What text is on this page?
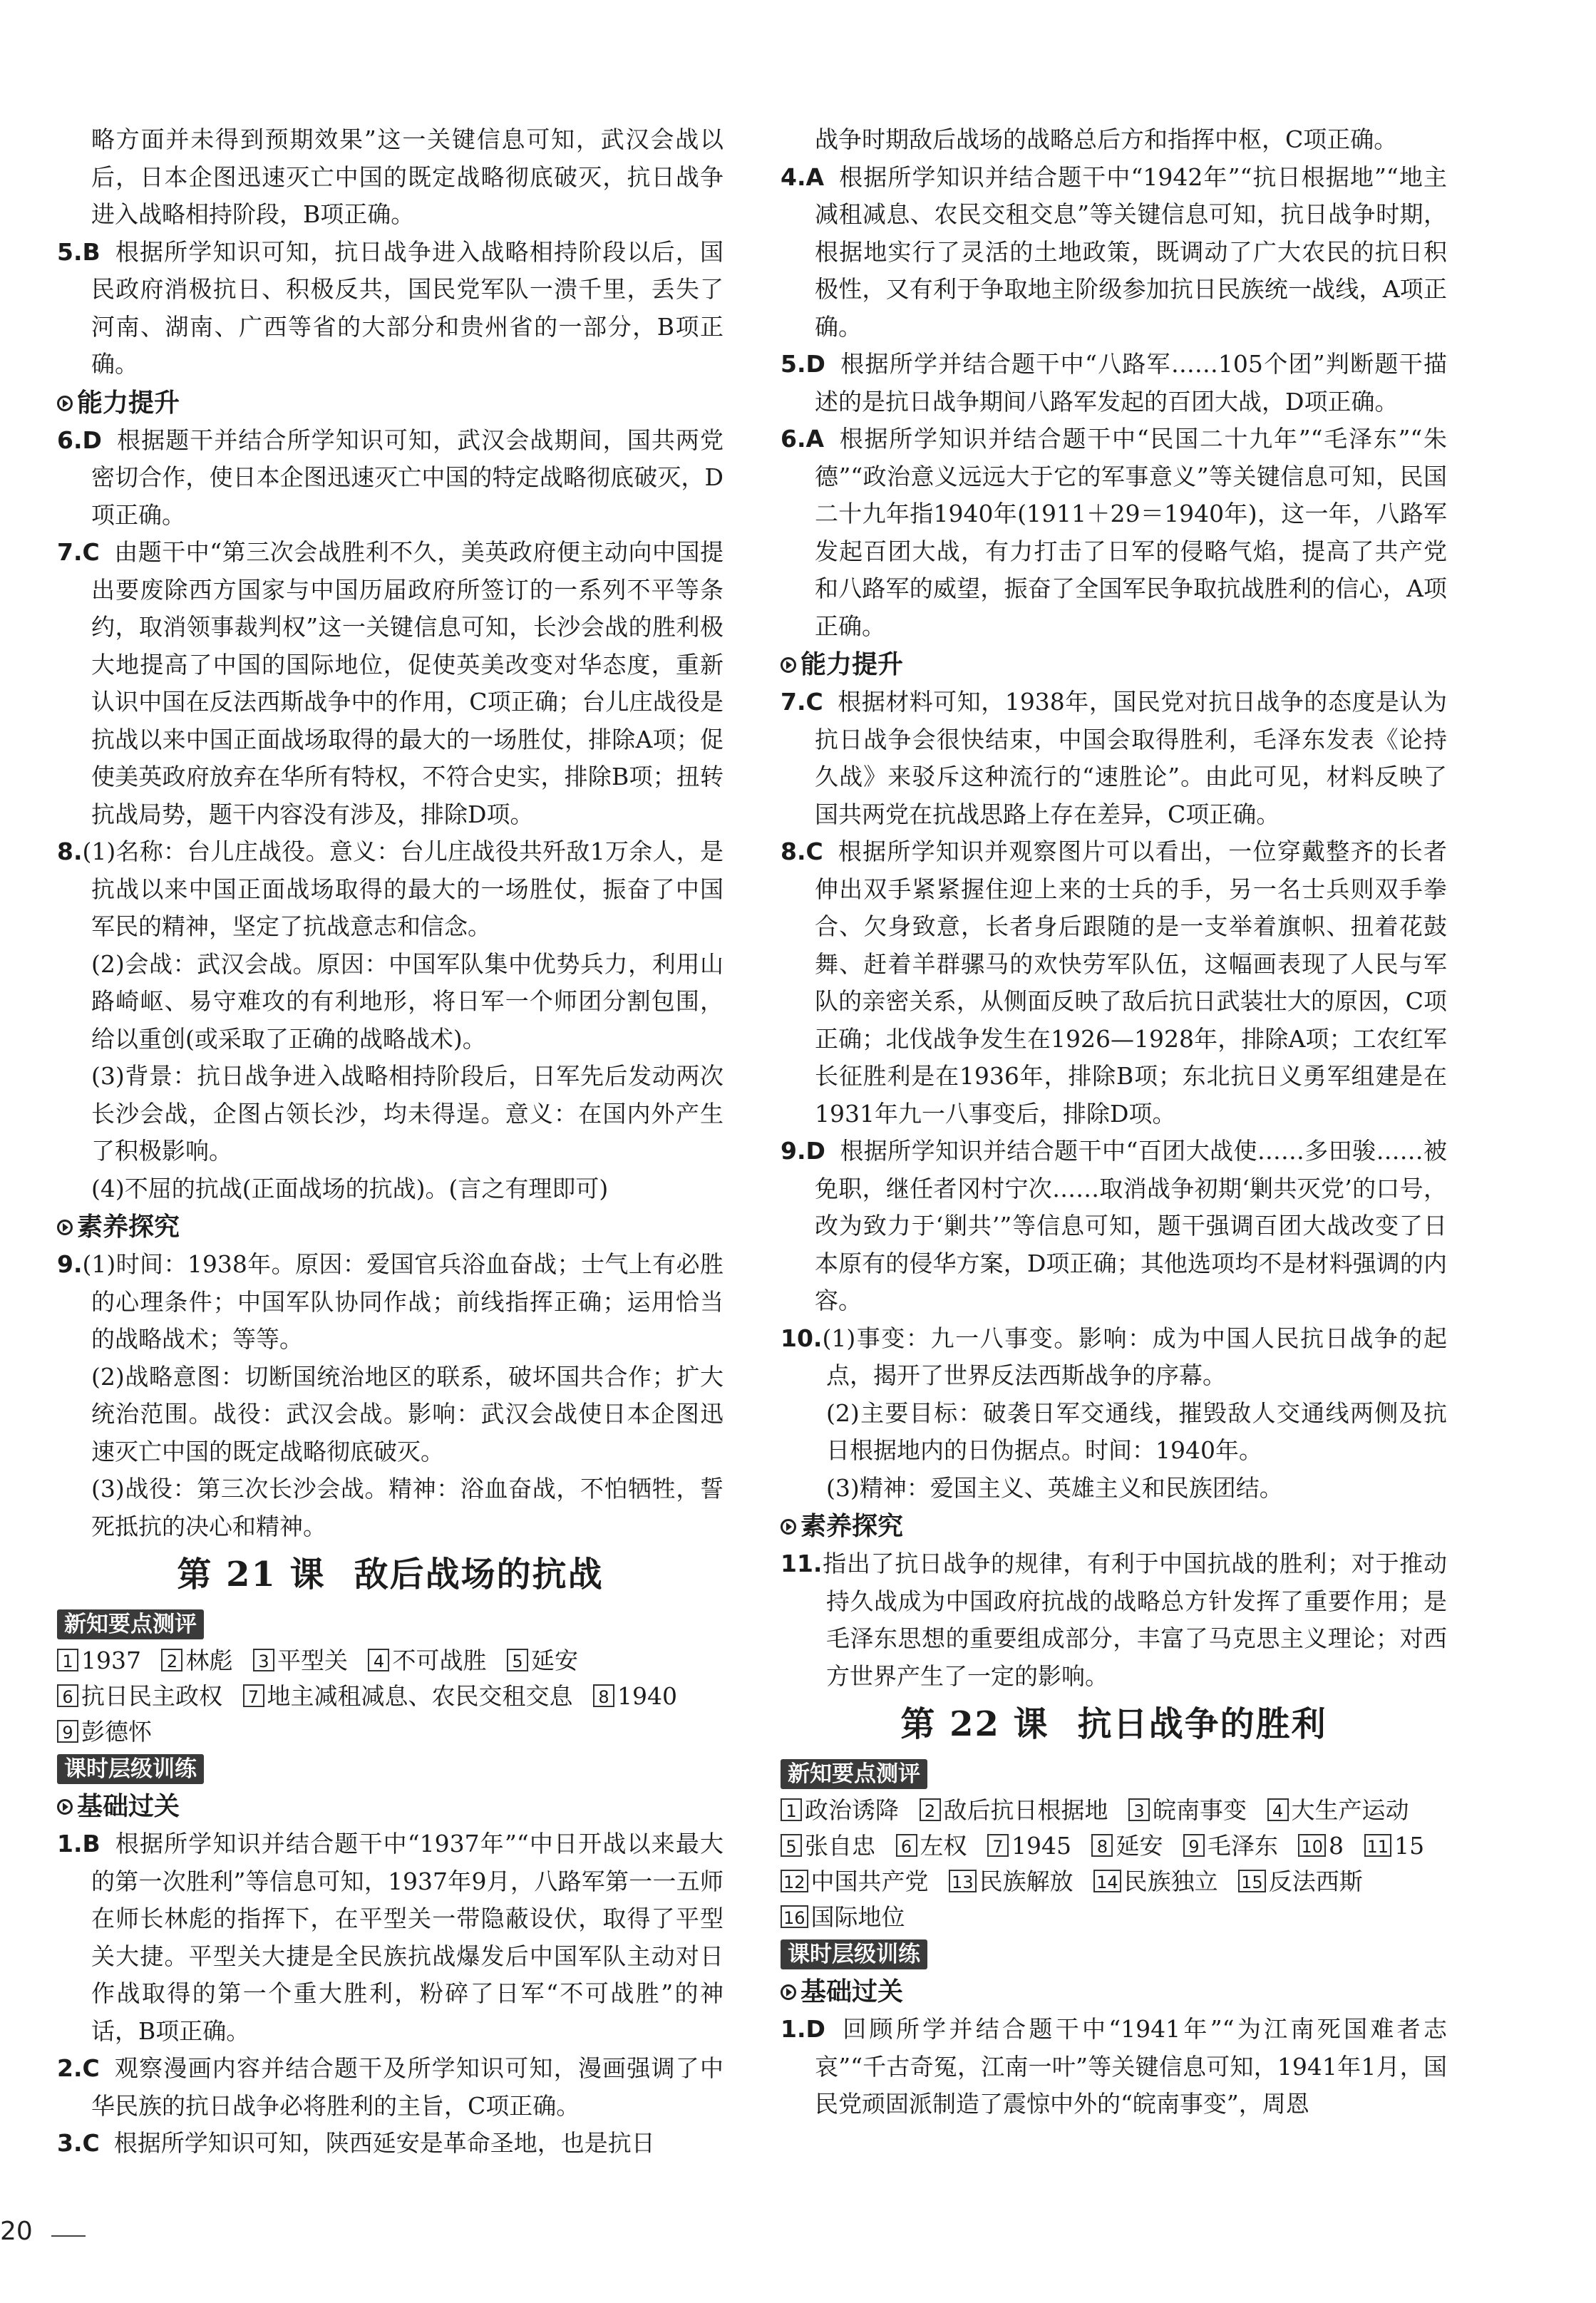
略方面并未得到预期效果”这一关键信息可知，武汉会战以后，日本企图迅速灭亡中国的既定战略彻底破灭，抗日战争进入战略相持阶段，B项正确。

5.B 根据所学知识可知，抗日战争进入战略相持阶段以后，国民政府消极抗日、积极反共，国民党军队一溃千里，丢失了河南、湖南、广西等省的大部分和贵州省的一部分，B项正确。

能力提升

6.D 根据题干并结合所学知识可知，武汉会战期间，国共两党密切合作，使日本企图迅速灭亡中国的特定战略彻底破灭，D项正确。

7.C 由题干中“第三次会战胜利不久，美英政府便主动向中国提出要废除西方国家与中国历届政府所签订的一系列不平等条约，取消领事裁判权”这一关键信息可知，长沙会战的胜利极大地提高了中国的国际地位，促使英美改变对华态度，重新认识中国在反法西斯战争中的作用，C项正确；台儿庄战役是抗战以来中国正面战场取得的最大的一场胜仗，排除A项；促使美英政府放弃在华所有特权，不符合史实，排除B项；扭转抗战局势，题干内容没有涉及，排除D项。

8.(1)名称：台儿庄战役。意义：台儿庄战役共歼敌1万余人，是抗战以来中国正面战场取得的最大的一场胜仗，振奋了中国军民的精神，坚定了抗战意志和信念。

(2)会战：武汉会战。原因：中国军队集中优势兵力，利用山路崎岖、易守难攻的有利地形，将日军一个师团分割包围，给以重创(或采取了正确的战略战术)。

(3)背景：抗日战争进入战略相持阶段后，日军先后发动两次长沙会战，企图占领长沙，均未得逞。意义：在国内外产生了积极影响。

(4)不屈的抗战(正面战场的抗战)。(言之有理即可)

素养探究

9.(1)时间：1938年。原因：爱国官兵浴血奋战；士气上有必胜的心理条件；中国军队协同作战；前线指挥正确；运用恰当的战略战术；等等。

(2)战略意图：切断国统治地区的联系，破坏国共合作；扩大统治范围。战役：武汉会战。影响：武汉会战使日本企图迅速灭亡中国的既定战略彻底破灭。

(3)战役：第三次长沙会战。精神：浴血奋战，不怕牺牲，誓死抵抗的决心和精神。

第 21 课 敌后战场的抗战
新知要点测评
1 1937 2 林彪 3 平型关 4 不可战胜 5 延安 6 抗日民主政权 7 地主减租减息、农民交租交息 8 1940 9 彭德怀
课时层级训练
基础过关

1.B 根据所学知识并结合题干中“1937年”“中日开战以来最大的第一次胜利”等信息可知，1937年9月，八路军第一一五师在师长林彪的指挥下，在平型关一带隐蔽设伏，取得了平型关大捷。平型关大捷是全民族抗战爆发后中国军队主动对日作战取得的第一个重大胜利，粉碎了日军“不可战胜”的神话，B项正确。

2.C 观察漫画内容并结合题干及所学知识可知，漫画强调了中华民族的抗日战争必将胜利的主旨，C项正确。

3.C 根据所学知识可知，陕西延安是革命圣地，也是抗日

战争时期敌后战场的战略总后方和指挥中枢，C项正确。

4.A 根据所学知识并结合题干中“1942年”“抗日根据地”“地主减租减息、农民交租交息”等关键信息可知，抗日战争时期，根据地实行了灵活的土地政策，既调动了广大农民的抗日积极性，又有利于争取地主阶级参加抗日民族统一战线，A项正确。

5.D 根据所学并结合题干中“八路军……105个团”判断题干描述的是抗日战争期间八路军发起的百团大战，D项正确。

6.A 根据所学知识并结合题干中“民国二十九年”“毛泽东”“朱德”“政治意义远远大于它的军事意义”等关键信息可知，民国二十九年指1940年(1911＋29＝1940年)，这一年，八路军发起百团大战，有力打击了日军的侵略气焰，提高了共产党和八路军的威望，振奋了全国军民争取抗战胜利的信心，A项正确。

能力提升

7.C 根据材料可知，1938年，国民党对抗日战争的态度是认为抗日战争会很快结束，中国会取得胜利，毛泽东发表《论持久战》来驳斥这种流行的“速胜论”。由此可见，材料反映了国共两党在抗战思路上存在差异，C项正确。

8.C 根据所学知识并观察图片可以看出，一位穿戴整齐的长者伸出双手紧紧握住迎上来的士兵的手，另一名士兵则双手拳合、欠身致意，长者身后跟随的是一支举着旗帜、扭着花鼓舞、赶着羊群骡马的欢快劳军队伍，这幅画表现了人民与军队的亲密关系，从侧面反映了敌后抗日武装壮大的原因，C项正确；北伐战争发生在1926—1928年，排除A项；工农红军长征胜利是在1936年，排除B项；东北抗日义勇军组建是在1931年九一八事变后，排除D项。

9.D 根据所学知识并结合题干中“百团大战使……多田骏……被免职，继任者冈村宁次……取消战争初期‘剿共灭党’的口号，改为致力于‘剿共’”等信息可知，题干强调百团大战改变了日本原有的侵华方案，D项正确；其他选项均不是材料强调的内容。

10.(1)事变：九一八事变。影响：成为中国人民抗日战争的起点，揭开了世界反法西斯战争的序幕。

(2)主要目标：破袭日军交通线，摧毁敌人交通线两侧及抗日根据地内的日伪据点。时间：1940年。

(3)精神：爱国主义、英雄主义和民族团结。

素养探究

11.指出了抗日战争的规律，有利于中国抗战的胜利；对于推动持久战成为中国政府抗战的战略总方针发挥了重要作用；是毛泽东思想的重要组成部分，丰富了马克思主义理论；对西方世界产生了一定的影响。

第 22 课 抗日战争的胜利
新知要点测评
1 政治诱降 2 敌后抗日根据地 3 皖南事变 4 大生产运动 5 张自忠 6 左权 7 1945 8 延安 9 毛泽东 10 8 11 15 12 中国共产党 13 民族解放 14 民族独立 15 反法西斯 16 国际地位
课时层级训练
基础过关

1.D 回顾所学并结合题干中“1941年”“为江南死国难者志哀”“千古奇冤，江南一叶”等关键信息可知，1941年1月，国民党顽固派制造了震惊中外的“皖南事变”，周恩

20
